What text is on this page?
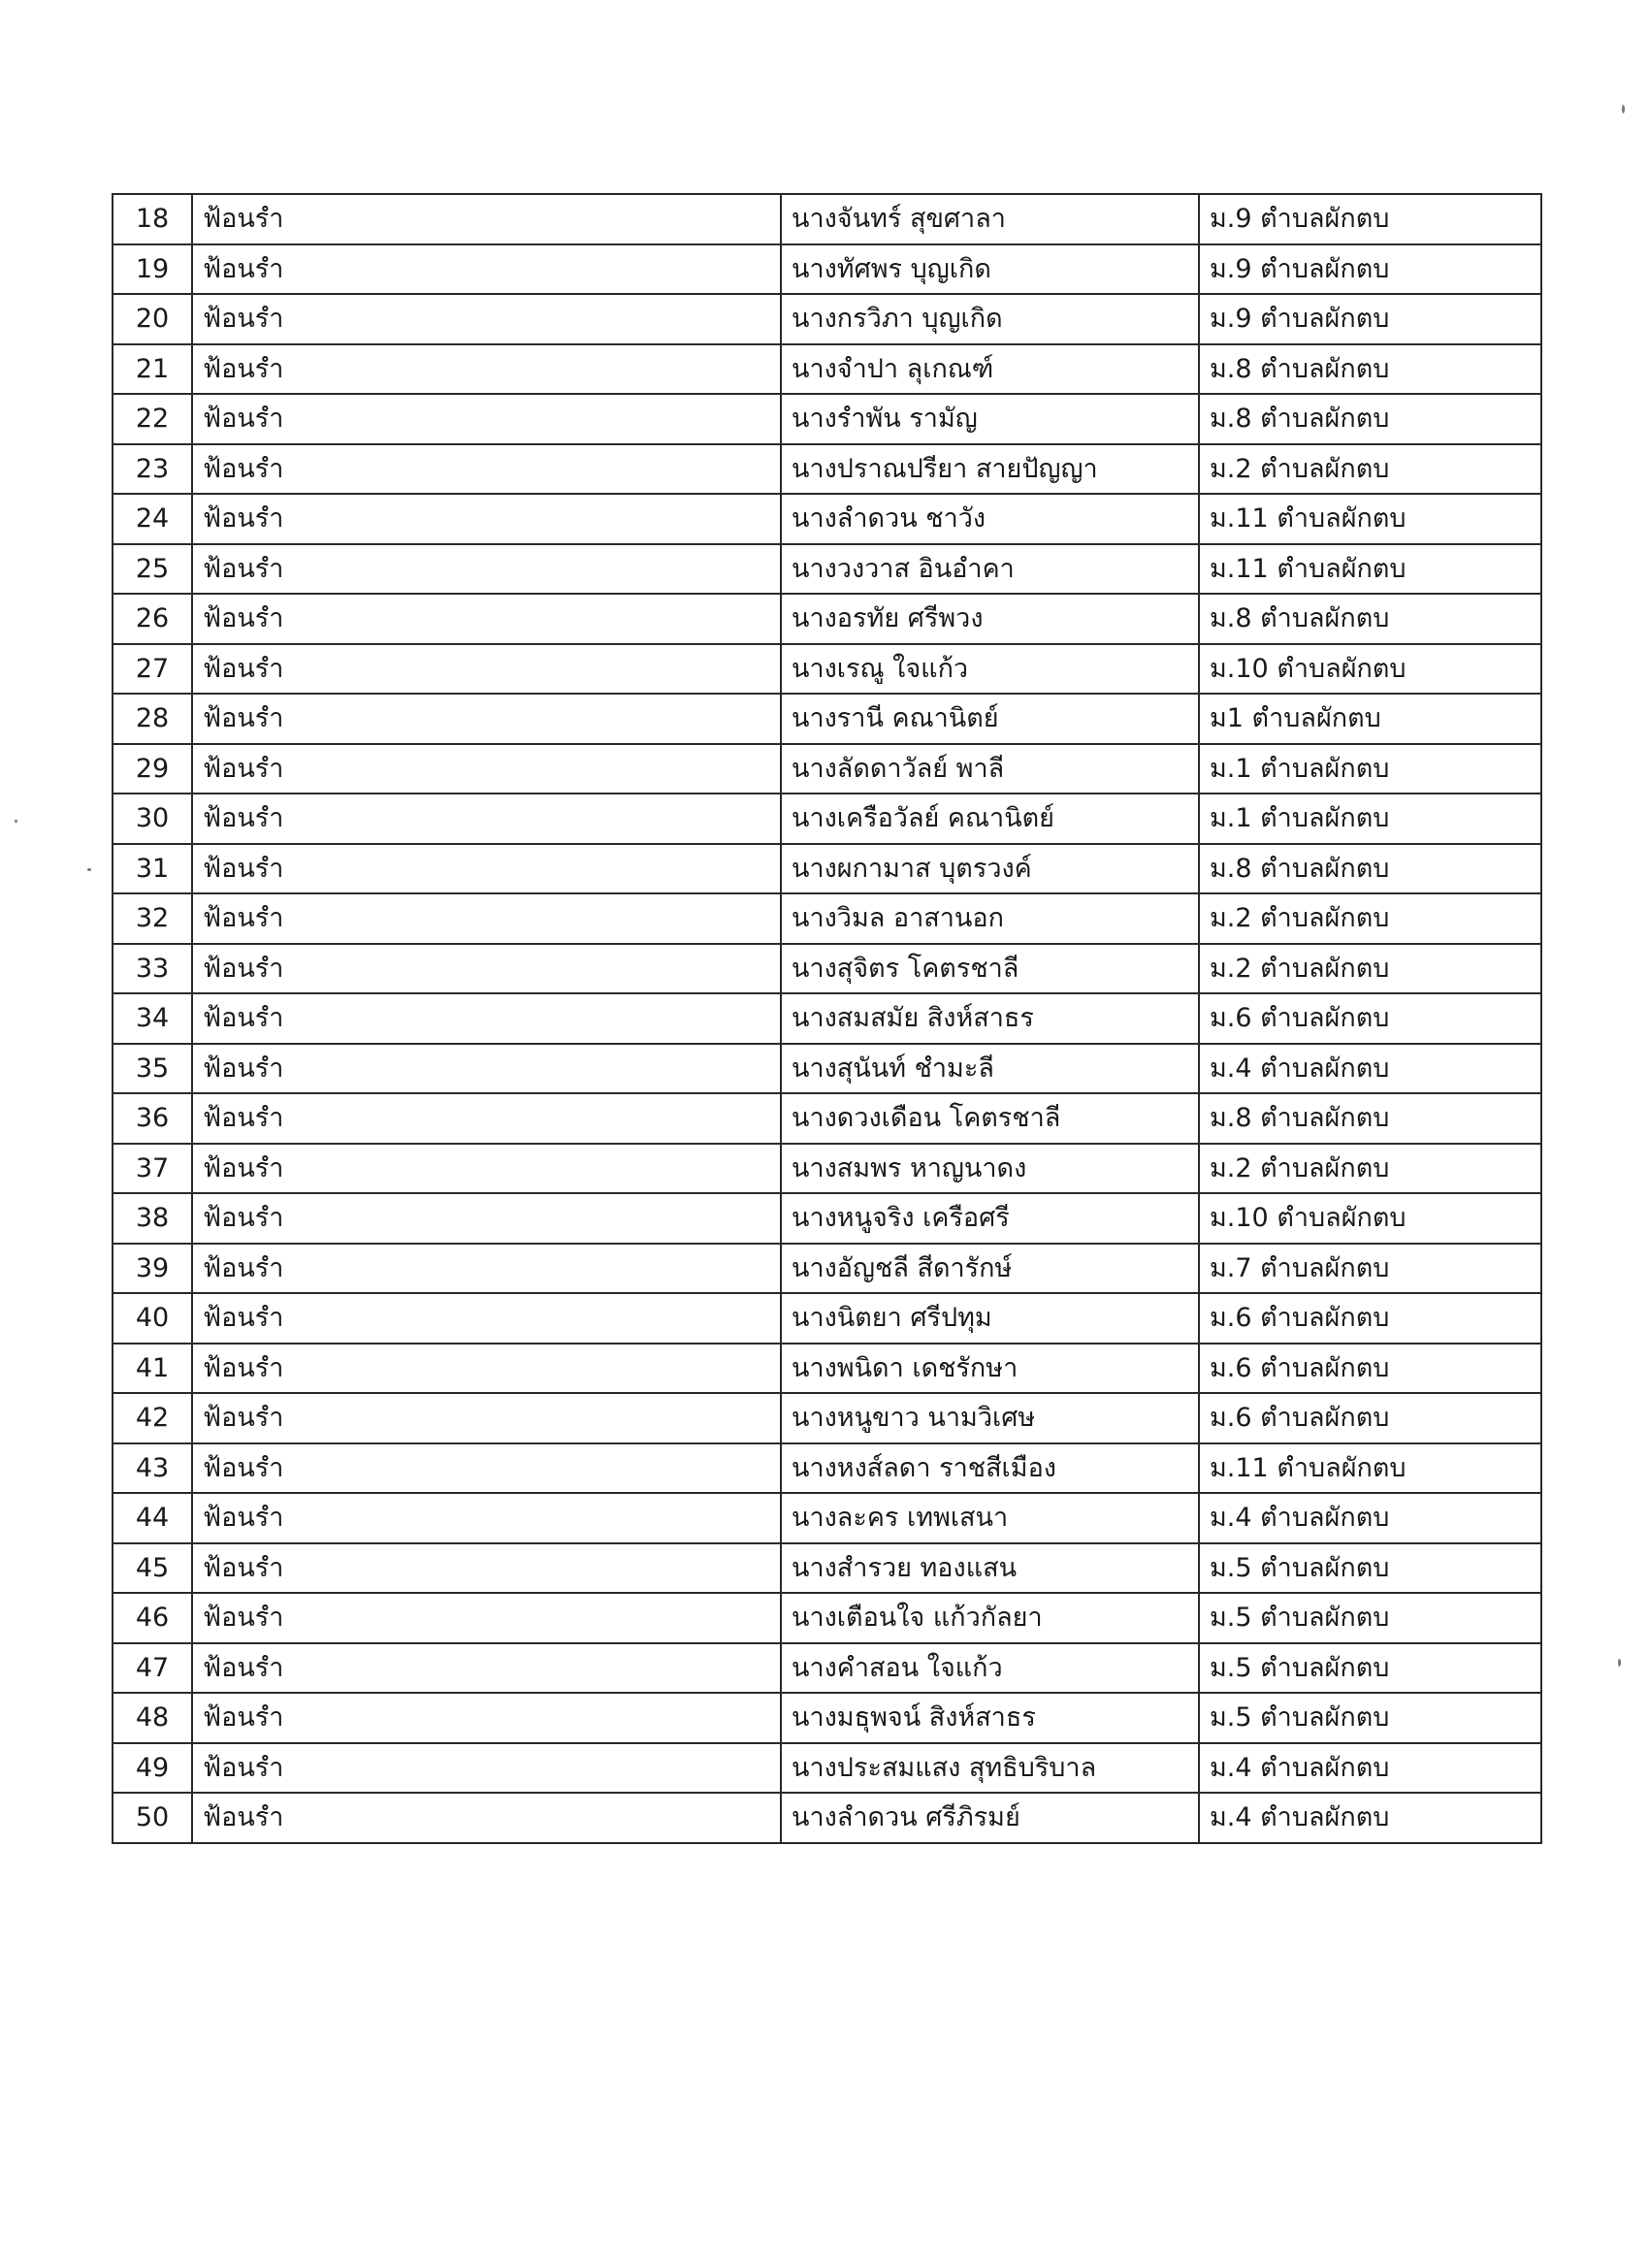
18	ฟ้อนรำ	นางจันทร์ สุขศาลา	ม.9 ตำบลผักตบ
19	ฟ้อนรำ	นางทัศพร บุญเกิด	ม.9 ตำบลผักตบ
20	ฟ้อนรำ	นางกรวิภา บุญเกิด	ม.9 ตำบลผักตบ
21	ฟ้อนรำ	นางจำปา ลุเกณฑ์	ม.8 ตำบลผักตบ
22	ฟ้อนรำ	นางรำพัน รามัญ	ม.8 ตำบลผักตบ
23	ฟ้อนรำ	นางปราณปรียา สายปัญญา	ม.2 ตำบลผักตบ
24	ฟ้อนรำ	นางลำดวน ชาวัง	ม.11 ตำบลผักตบ
25	ฟ้อนรำ	นางวงวาส อินอำคา	ม.11 ตำบลผักตบ
26	ฟ้อนรำ	นางอรทัย ศรีพวง	ม.8 ตำบลผักตบ
27	ฟ้อนรำ	นางเรณู ใจแก้ว	ม.10 ตำบลผักตบ
28	ฟ้อนรำ	นางรานี คณานิตย์	ม1 ตำบลผักตบ
29	ฟ้อนรำ	นางลัดดาวัลย์ พาลี	ม.1 ตำบลผักตบ
30	ฟ้อนรำ	นางเครือวัลย์ คณานิตย์	ม.1 ตำบลผักตบ
31	ฟ้อนรำ	นางผกามาส บุตรวงค์	ม.8 ตำบลผักตบ
32	ฟ้อนรำ	นางวิมล อาสานอก	ม.2 ตำบลผักตบ
33	ฟ้อนรำ	นางสุจิตร โคตรชาลี	ม.2 ตำบลผักตบ
34	ฟ้อนรำ	นางสมสมัย สิงห์สาธร	ม.6 ตำบลผักตบ
35	ฟ้อนรำ	นางสุนันท์ ชำมะลี	ม.4 ตำบลผักตบ
36	ฟ้อนรำ	นางดวงเดือน โคตรชาลี	ม.8 ตำบลผักตบ
37	ฟ้อนรำ	นางสมพร หาญนาดง	ม.2 ตำบลผักตบ
38	ฟ้อนรำ	นางหนูจริง เครือศรี	ม.10 ตำบลผักตบ
39	ฟ้อนรำ	นางอัญชลี สีดารักษ์	ม.7 ตำบลผักตบ
40	ฟ้อนรำ	นางนิตยา ศรีปทุม	ม.6 ตำบลผักตบ
41	ฟ้อนรำ	นางพนิดา เดชรักษา	ม.6 ตำบลผักตบ
42	ฟ้อนรำ	นางหนูขาว นามวิเศษ	ม.6 ตำบลผักตบ
43	ฟ้อนรำ	นางหงส์ลดา ราชสีเมือง	ม.11 ตำบลผักตบ
44	ฟ้อนรำ	นางละคร เทพเสนา	ม.4 ตำบลผักตบ
45	ฟ้อนรำ	นางสำรวย ทองแสน	ม.5 ตำบลผักตบ
46	ฟ้อนรำ	นางเตือนใจ แก้วกัลยา	ม.5 ตำบลผักตบ
47	ฟ้อนรำ	นางคำสอน ใจแก้ว	ม.5 ตำบลผักตบ
48	ฟ้อนรำ	นางมธุพจน์ สิงห์สาธร	ม.5 ตำบลผักตบ
49	ฟ้อนรำ	นางประสมแสง สุทธิบริบาล	ม.4 ตำบลผักตบ
50	ฟ้อนรำ	นางลำดวน ศรีภิรมย์	ม.4 ตำบลผักตบ
